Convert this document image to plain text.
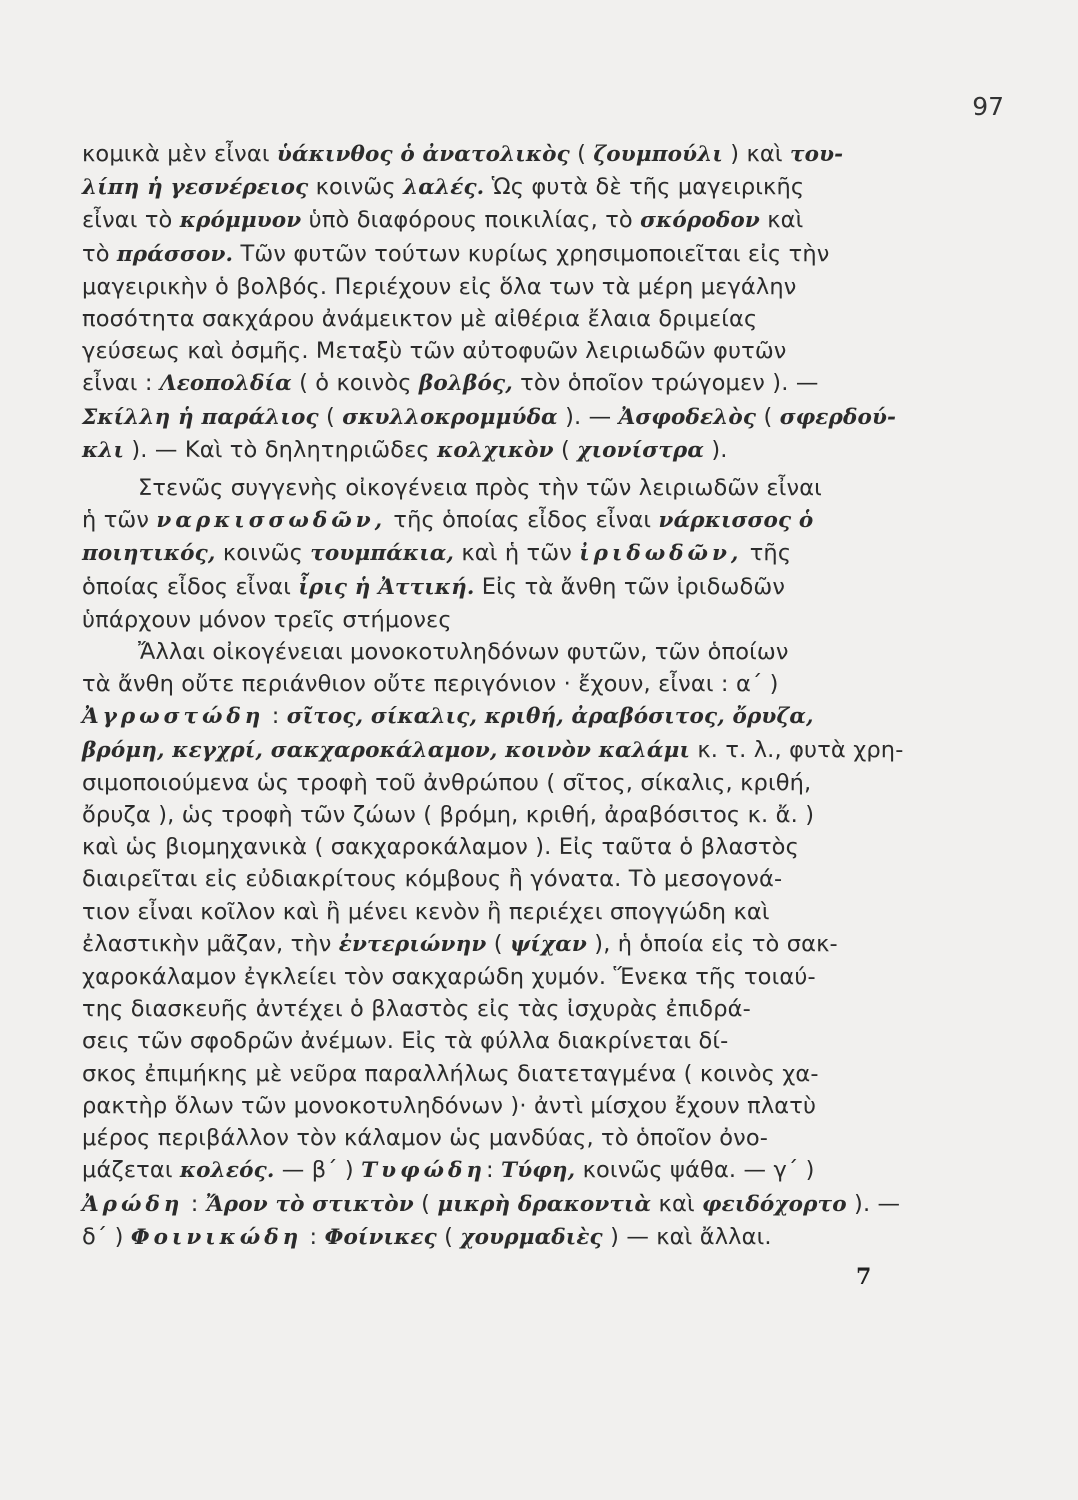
97
κομικὰ μὲν εἶναι ὑάκινθος ὁ ἀνατολικὸς ( ζουμπούλι ) καὶ του-
λίπη ἡ γεσνέρειος κοινῶς λαλές. Ὡς φυτὰ δὲ τῆς μαγειρικῆς
εἶναι τὸ κρόμμυον ὑπὸ διαφόρους ποικιλίας, τὸ σκόροδον καὶ
τὸ πράσσον. Τῶν φυτῶν τούτων κυρίως χρησιμοποιεῖται εἰς τὴν
μαγειρικὴν ὁ βολβός. Περιέχουν εἰς ὅλα των τὰ μέρη μεγάλην
ποσότητα σακχάρου ἀνάμεικτον μὲ αἰθέρια ἔλαια δριμείας
γεύσεως καὶ ὀσμῆς. Μεταξὺ τῶν αὐτοφυῶν λειριωδῶν φυτῶν
εἶναι : Λεοπολδία ( ὁ κοινὸς βολβός, τὸν ὁποῖον τρώγομεν ). —
Σκίλλη ἡ παράλιος ( σκυλλοκρομμύδα ). — Ἀσφοδελὸς ( σφερδού-
κλι ). — Καὶ τὸ δηλητηριῶδες κολχικὸν ( χιονίστρα ).
Στενῶς συγγενὴς οἰκογένεια πρὸς τὴν τῶν λειριωδῶν εἶναι
ἡ τῶν ναρκισσωδῶν, τῆς ὁποίας εἶδος εἶναι νάρκισσος ὁ
ποιητικός, κοινῶς τουμπάκια, καὶ ἡ τῶν ἰριδωδῶν, τῆς
ὁποίας εἶδος εἶναι ἶρις ἡ Ἀττική. Εἰς τὰ ἄνθη τῶν ἰριδωδῶν
ὑπάρχουν μόνον τρεῖς στήμονες
Ἄλλαι οἰκογένειαι μονοκοτυληδόνων φυτῶν, τῶν ὁποίων
τὰ ἄνθη οὔτε περιάνθιον οὔτε περιγόνιον · ἔχουν, εἶναι : α΄ )
Ἀγρωστώδη : σῖτος, σίκαλις, κριθή, ἀραβόσιτος, ὄρυζα,
βρόμη, κεγχρί, σακχαροκάλαμον, κοινὸν καλάμι κ. τ. λ., φυτὰ χρη-
σιμοποιούμενα ὡς τροφὴ τοῦ ἀνθρώπου ( σῖτος, σίκαλις, κριθή,
ὄρυζα ), ὡς τροφὴ τῶν ζώων ( βρόμη, κριθή, ἀραβόσιτος κ. ἄ. )
καὶ ὡς βιομηχανικὰ ( σακχαροκάλαμον ). Εἰς ταῦτα ὁ βλαστὸς
διαιρεῖται εἰς εὐδιακρίτους κόμβους ἢ γόνατα. Τὸ μεσογονά-
τιον εἶναι κοῖλον καὶ ἢ μένει κενὸν ἢ περιέχει σπογγώδη καὶ
ἐλαστικὴν μᾶζαν, τὴν ἐντεριώνην ( ψίχαν ), ἡ ὁποία εἰς τὸ σακ-
χαροκάλαμον ἐγκλείει τὸν σακχαρώδη χυμόν. Ἕνεκα τῆς τοιαύ-
της διασκευῆς ἀντέχει ὁ βλαστὸς εἰς τὰς ἰσχυρὰς ἐπιδρά-
σεις τῶν σφοδρῶν ἀνέμων. Εἰς τὰ φύλλα διακρίνεται δί-
σκος ἐπιμήκης μὲ νεῦρα παραλλήλως διατεταγμένα ( κοινὸς χα-
ρακτὴρ ὅλων τῶν μονοκοτυληδόνων )· ἀντὶ μίσχου ἔχουν πλατὺ
μέρος περιβάλλον τὸν κάλαμον ὡς μανδύας, τὸ ὁποῖον ὀνο-
μάζεται κολεός. — β΄ ) Τυφώδη: Τύφη, κοινῶς ψάθα. — γ΄ )
Ἀρώδη : Ἄρον τὸ στικτὸν ( μικρὴ δρακοντιὰ καὶ φειδόχορτο ). —
δ΄ ) Φοινικώδη : Φοίνικες ( χουρμαδιὲς ) — καὶ ἄλλαι.
7
